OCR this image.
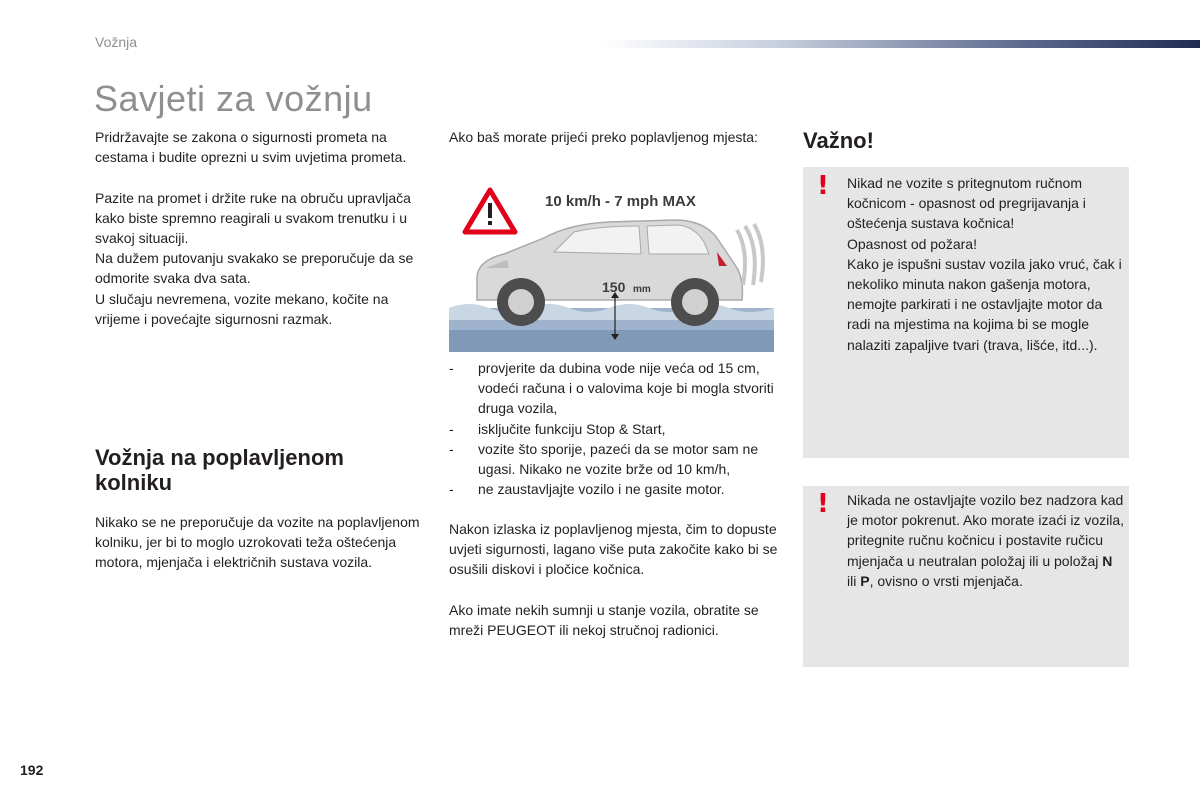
Vožnja
Savjeti za vožnju

Pridržavajte se zakona o sigurnosti prometa na cestama i budite oprezni u svim uvjetima prometa.

Pazite na promet i držite ruke na obruču upravljača kako biste spremno reagirali u svakom trenutku i u svakoj situaciji.

Na dužem putovanju svakako se preporučuje da se odmorite svaka dva sata.

U slučaju nevremena, vozite mekano, kočite na vrijeme i povećajte sigurnosni razmak.

Vožnja na poplavljenom kolniku

Nikako se ne preporučuje da vozite na poplavljenom kolniku, jer bi to moglo uzrokovati teža oštećenja motora, mjenjača i električnih sustava vozila.

Ako baš morate prijeći preko poplavljenog mjesta:

10 km/h - 7 mph MAX
150 mm
- provjerite da dubina vode nije veća od 15 cm, vodeći računa i o valovima koje bi mogla stvoriti druga vozila,
- isključite funkciju Stop & Start,
- vozite što sporije, pazeći da se motor sam ne ugasi. Nikako ne vozite brže od 10 km/h,
- ne zaustavljajte vozilo i ne gasite motor.

Nakon izlaska iz poplavljenog mjesta, čim to dopuste uvjeti sigurnosti, lagano više puta zakočite kako bi se osušili diskovi i pločice kočnica.

Ako imate nekih sumnji u stanje vozila, obratite se mreži PEUGEOT ili nekoj stručnoj radionici.

Važno!
! Nikad ne vozite s pritegnutom ručnom kočnicom - opasnost od pregrijavanja i oštećenja sustava kočnica!
Opasnost od požara!
Kako je ispušni sustav vozila jako vruć, čak i nekoliko minuta nakon gašenja motora, nemojte parkirati i ne ostavljajte motor da radi na mjestima na kojima bi se mogle nalaziti zapaljive tvari (trava, lišće, itd...).

! Nikada ne ostavljajte vozilo bez nadzora kad je motor pokrenut. Ako morate izaći iz vozila, pritegnite ručnu kočnicu i postavite ručicu mjenjača u neutralan položaj ili u položaj N ili P, ovisno o vrsti mjenjača.

192
